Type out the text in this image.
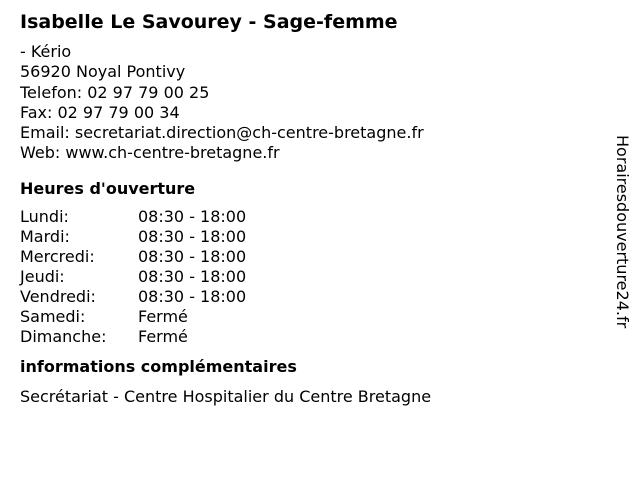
Isabelle Le Savourey - Sage-femme
- Kério
56920 Noyal Pontivy
Telefon: 02 97 79 00 25
Fax: 02 97 79 00 34
Email: secretariat.direction@ch-centre-bretagne.fr
Web: www.ch-centre-bretagne.fr
Heures d'ouverture
Lundi:	08:30 - 18:00
Mardi:	08:30 - 18:00
Mercredi:	08:30 - 18:00
Jeudi:	08:30 - 18:00
Vendredi:	08:30 - 18:00
Samedi:	Fermé
Dimanche:	Fermé
informations complémentaires
Secrétariat - Centre Hospitalier du Centre Bretagne
Horairesdouverture24.fr
